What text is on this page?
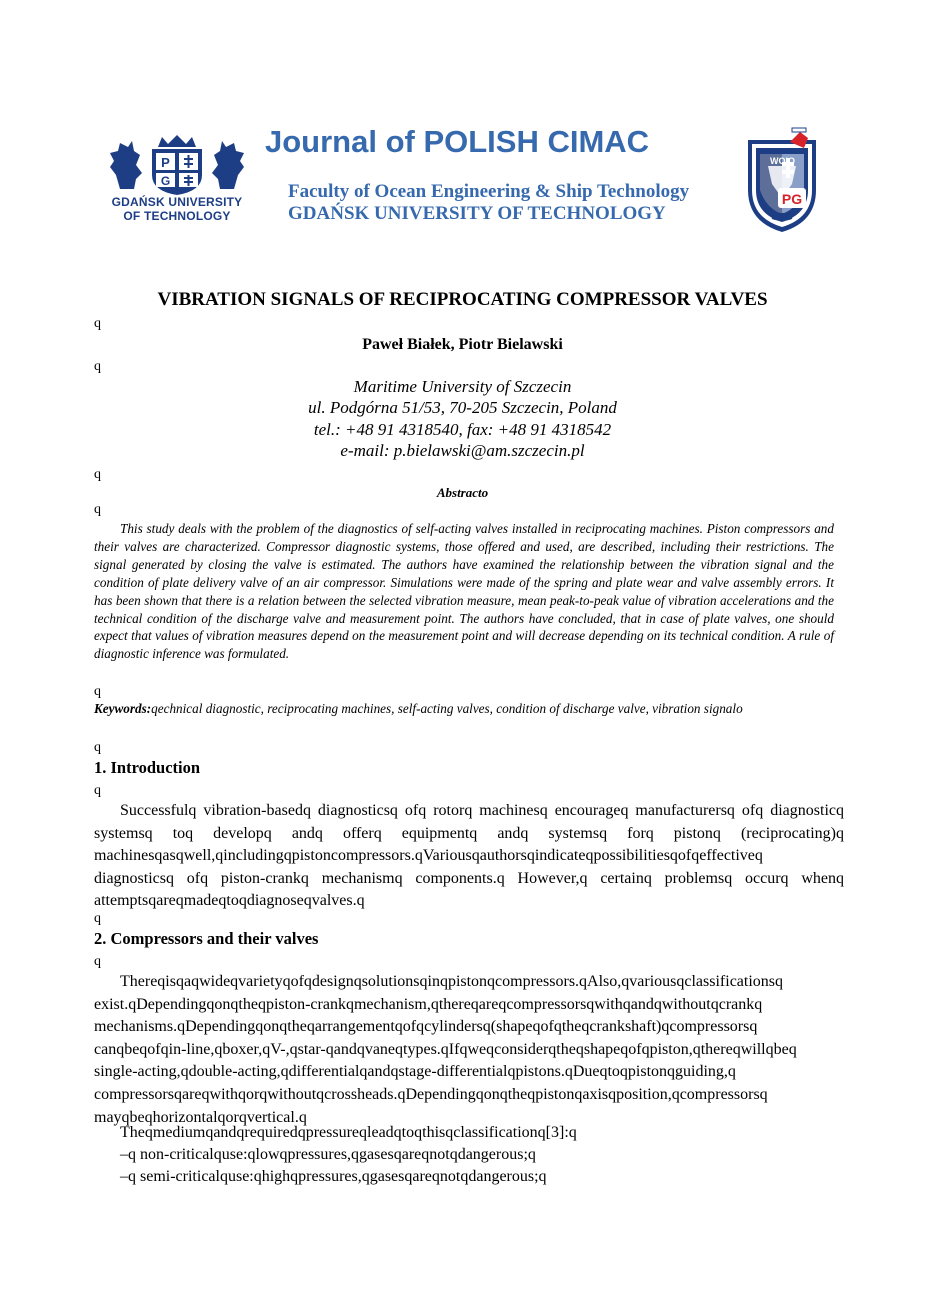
P
G
GDAŃSK UNIVERSITY
OF TECHNOLOGY
Journal of POLISH CIMAC
Faculty of Ocean Engineering & Ship Technology
GDAŃSK UNIVERSITY OF TECHNOLOGY
WOiO
PG
VIBRATION SIGNALS OF RECIPROCATING COMPRESSOR VALVES
q
Paweł Białek, Piotr Bielawski
q
Maritime University of Szczecin
ul. Podgórna 51/53, 70-205 Szczecin, Poland
tel.: +48 91 4318540, fax: +48 91 4318542
e-mail: p.bielawski@am.szczecin.pl
q
Abstracto
q

This study deals with the problem of the diagnostics of self-acting valves installed in reciprocating machines. Piston compressors and their valves are characterized. Compressor diagnostic systems, those offered and used, are described, including their restrictions. The signal generated by closing the valve is estimated. The authors have examined the relationship between the vibration signal and the condition of plate delivery valve of an air compressor. Simulations were made of the spring and plate wear and valve assembly errors. It has been shown that there is a relation between the selected vibration measure, mean peak-to-peak value of vibration accelerations and the technical condition of the discharge valve and measurement point. The authors have concluded, that in case of plate valves, one should expect that values of vibration measures depend on the measurement point and will decrease depending on its technical condition. A rule of diagnostic inference was formulated.

q

Keywords:qechnical diagnostic, reciprocating machines, self-acting valves, condition of discharge valve, vibration signalo

q
1. Introduction
q

Successfulq vibration-basedq diagnosticsq ofq rotorq machinesq encourageq manufacturersq ofq diagnosticq systemsq toq developq andq offerq equipmentq andq systemsq forq pistonq (reciprocating)q machinesqasqwell,qincludingqpistoncompressors.qVariousqauthorsqindicateqpossibilitiesqofqeffectiveq diagnosticsq ofq piston-crankq mechanismq components.q However,q certainq problemsq occurq whenq attemptsqareqmadeqtoqdiagnoseqvalves.q

q
2. Compressors and their valves
q

Thereqisqaqwideqvarietyqofqdesignqsolutionsqinqpistonqcompressors.qAlso,qvariousqclassificationsq exist.qDependingqonqtheqpiston-crankqmechanism,qthereqareqcompressorsqwithqandqwithoutqcrankq mechanisms.qDependingqonqtheqarrangementqofqcylindersq(shapeqofqtheqcrankshaft)qcompressorsq canqbeqofqin-line,qboxer,qV-,qstar-qandqvaneqtypes.qIfqweqconsiderqtheqshapeqofqpiston,qthereqwillqbeq single-acting,qdouble-acting,qdifferentialqandqstage-differentialqpistons.qDueqtoqpistonqguiding,q compressorsqareqwithqorqwithoutqcrossheads.qDependingqonqtheqpistonqaxisqposition,qcompressorsq mayqbeqhorizontalqorqvertical.q

Theqmediumqandqrequiredqpressureqleadqtoqthisqclassificationq[3]:q
–q non-criticalquse:qlowqpressures,qgasesqareqnotqdangerous;q
–q semi-criticalquse:qhighqpressures,qgasesqareqnotqdangerous;q
